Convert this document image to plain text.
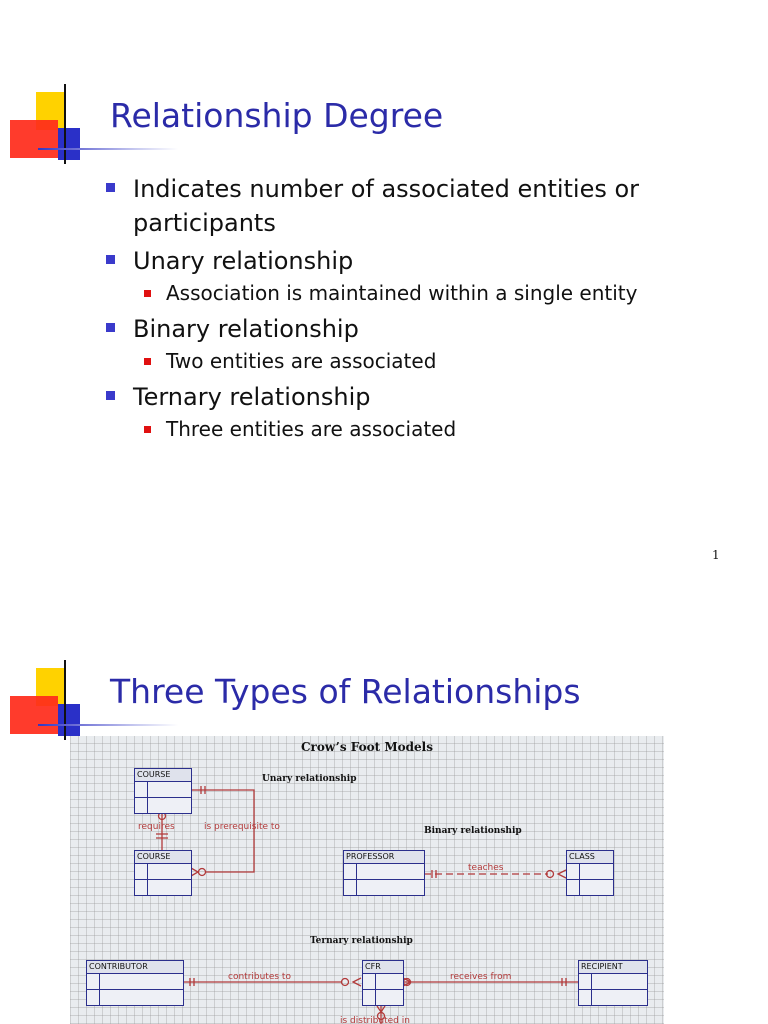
Relationship Degree
Indicates number of associated entities or participants
Unary relationship
Association is maintained within a single entity
Binary relationship
Two entities are associated
Ternary relationship
Three entities are associated
1
Three Types of Relationships
Crow’s Foot Models
Unary relationship
Binary relationship
Ternary relationship
COURSE
COURSE	PROFESSOR	CLASS
CONTRIBUTOR	CFR	RECIPIENT
requires	is prerequisite to
teaches
contributes to	receives from
is distributed in
